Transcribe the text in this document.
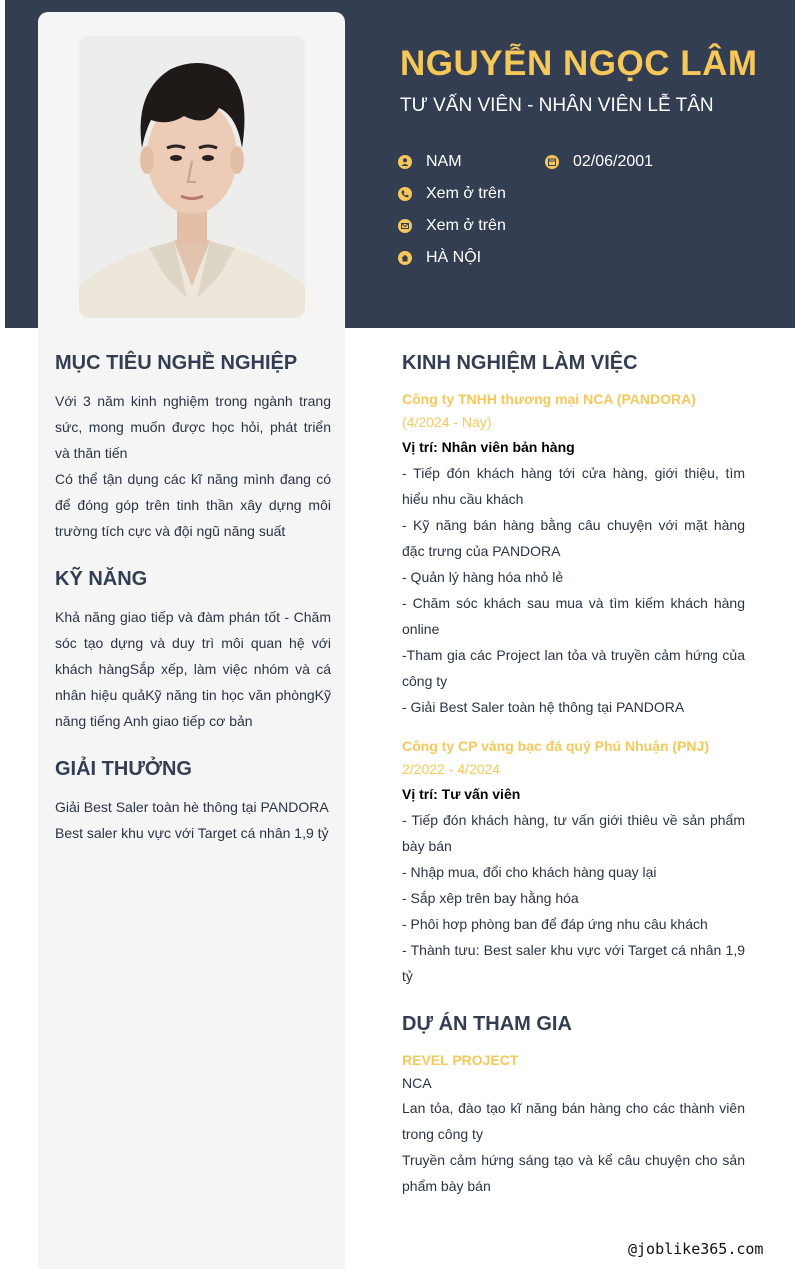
NGUYỄN NGỌC LÂM
TƯ VẤN VIÊN - NHÂN VIÊN LỄ TÂN
NAM	02/06/2001
Xem ở trên
Xem ở trên
HÀ NỘI
MỤC TIÊU NGHỀ NGHIỆP
Với 3 năm kinh nghiệm trong ngành trang sức, mong muốn được học hỏi, phát triển và thăn tiến
Có thể tận dụng các kĩ năng mình đang có để đóng góp trên tinh thần xây dựng môi trường tích cực và đội ngũ năng suất
KỸ NĂNG
Khả năng giao tiếp và đàm phán tốt - Chăm sóc tạo dựng và duy trì môi quan hệ với khách hàngSắp xếp, làm việc nhóm và cá nhân hiệu quảKỹ năng tin học văn phòngKỹ năng tiếng Anh giao tiếp cơ bản
GIẢI THƯỞNG
Giải Best Saler toàn hè thông tại PANDORA
Best saler khu vực với Target cá nhân 1,9 tỷ
KINH NGHIỆM LÀM VIỆC
Công ty TNHH thương mại NCA (PANDORA)
(4/2024 - Nay)
Vị trí: Nhân viên bản hàng
- Tiếp đón khách hàng tới cửa hàng, giới thiệu, tìm hiểu nhu cầu khách
- Kỹ năng bán hàng bằng câu chuyện với mặt hàng đặc trưng của PANDORA
- Quản lý hàng hóa nhỏ lẻ
- Chăm sóc khách sau mua và tìm kiếm khách hàng online
-Tham gia các Project lan tỏa và truyền cảm hứng của công ty
- Giải Best Saler toàn hệ thông tại PANDORA
Công ty CP vàng bạc đá quý Phú Nhuận (PNJ)
2/2022 - 4/2024
Vị trí: Tư vấn viên
- Tiếp đón khách hàng, tư vấn giới thiêu về sản phẩm bày bán
- Nhập mua, đổi cho khách hàng quay lại
- Sắp xêp trên bay hằng hóa
- Phôi hơp phòng ban để đáp ứng nhu câu khách
- Thành tưu: Best saler khu vực với Target cá nhân 1,9 tỷ
DỰ ÁN THAM GIA
REVEL PROJECT
NCA
Lan tỏa, đào tạo kĩ năng bán hàng cho các thành viên trong công ty
Truyền cảm hứng sáng tạo và kể câu chuyện cho sản phẩm bày bán
@joblike365.com
